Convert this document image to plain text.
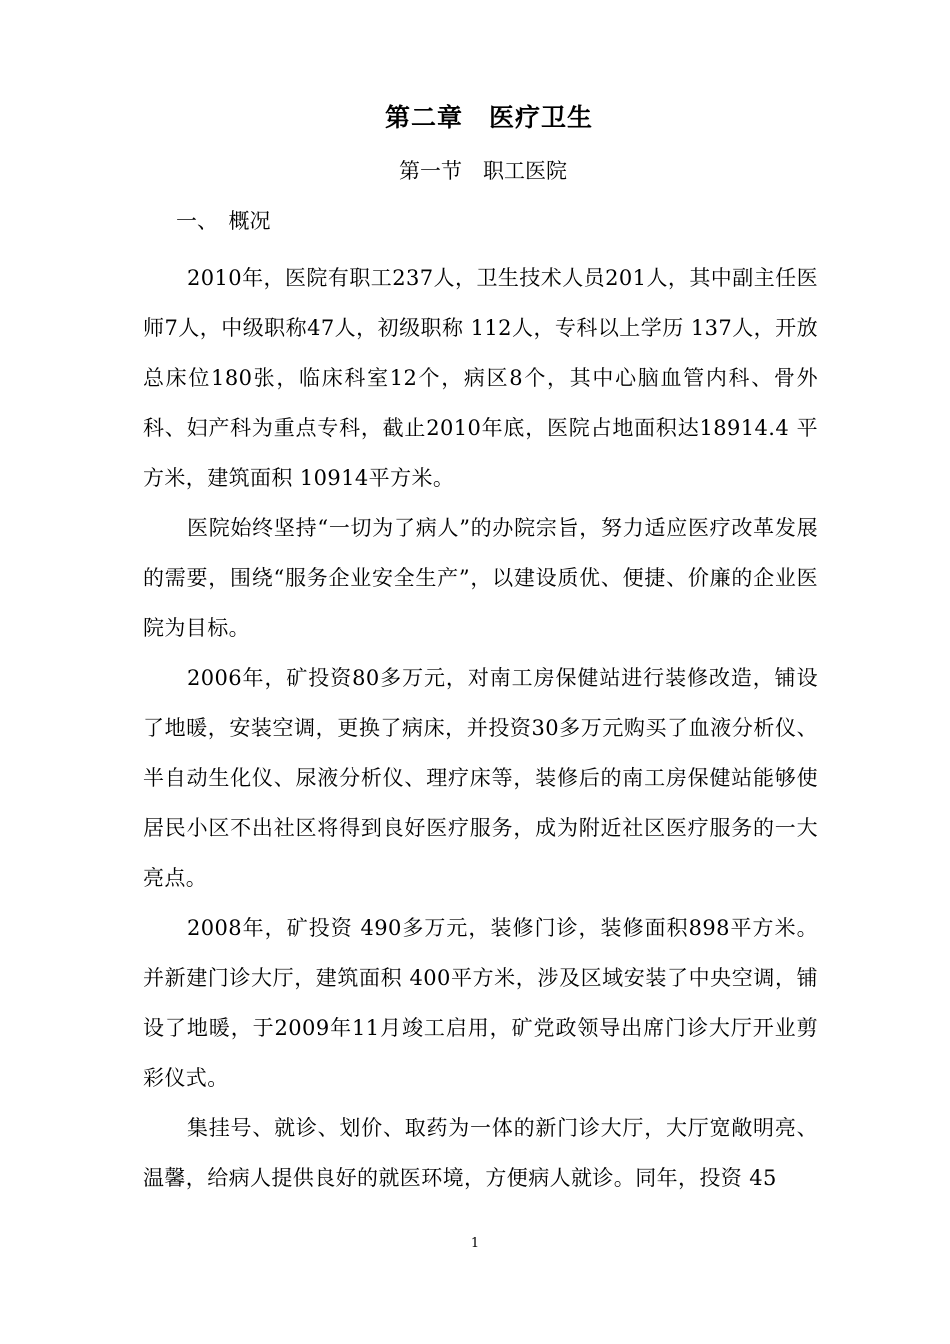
第二章　医疗卫生
第一节　职工医院
一、　概况

2010年，医院有职工237人，卫生技术人员201人，其中副主任医师7人，中级职称47人，初级职称 112人，专科以上学历 137人，开放总床位180张，临床科室12个，病区8个，其中心脑血管内科、骨外科、妇产科为重点专科，截止2010年底，医院占地面积达18914.4 平方米，建筑面积 10914平方米。

医院始终坚持“一切为了病人”的办院宗旨，努力适应医疗改革发展的需要，围绕“服务企业安全生产”，以建设质优、便捷、价廉的企业医院为目标。

2006年，矿投资80多万元，对南工房保健站进行装修改造，铺设了地暖，安装空调，更换了病床，并投资30多万元购买了血液分析仪、半自动生化仪、尿液分析仪、理疗床等，装修后的南工房保健站能够使居民小区不出社区将得到良好医疗服务，成为附近社区医疗服务的一大亮点。

2008年，矿投资 490多万元，装修门诊，装修面积898平方米。并新建门诊大厅，建筑面积 400平方米，涉及区域安装了中央空调，铺设了地暖，于2009年11月竣工启用，矿党政领导出席门诊大厅开业剪彩仪式。

集挂号、就诊、划价、取药为一体的新门诊大厅，大厅宽敞明亮、温馨，给病人提供良好的就医环境，方便病人就诊。同年，投资 45

1
